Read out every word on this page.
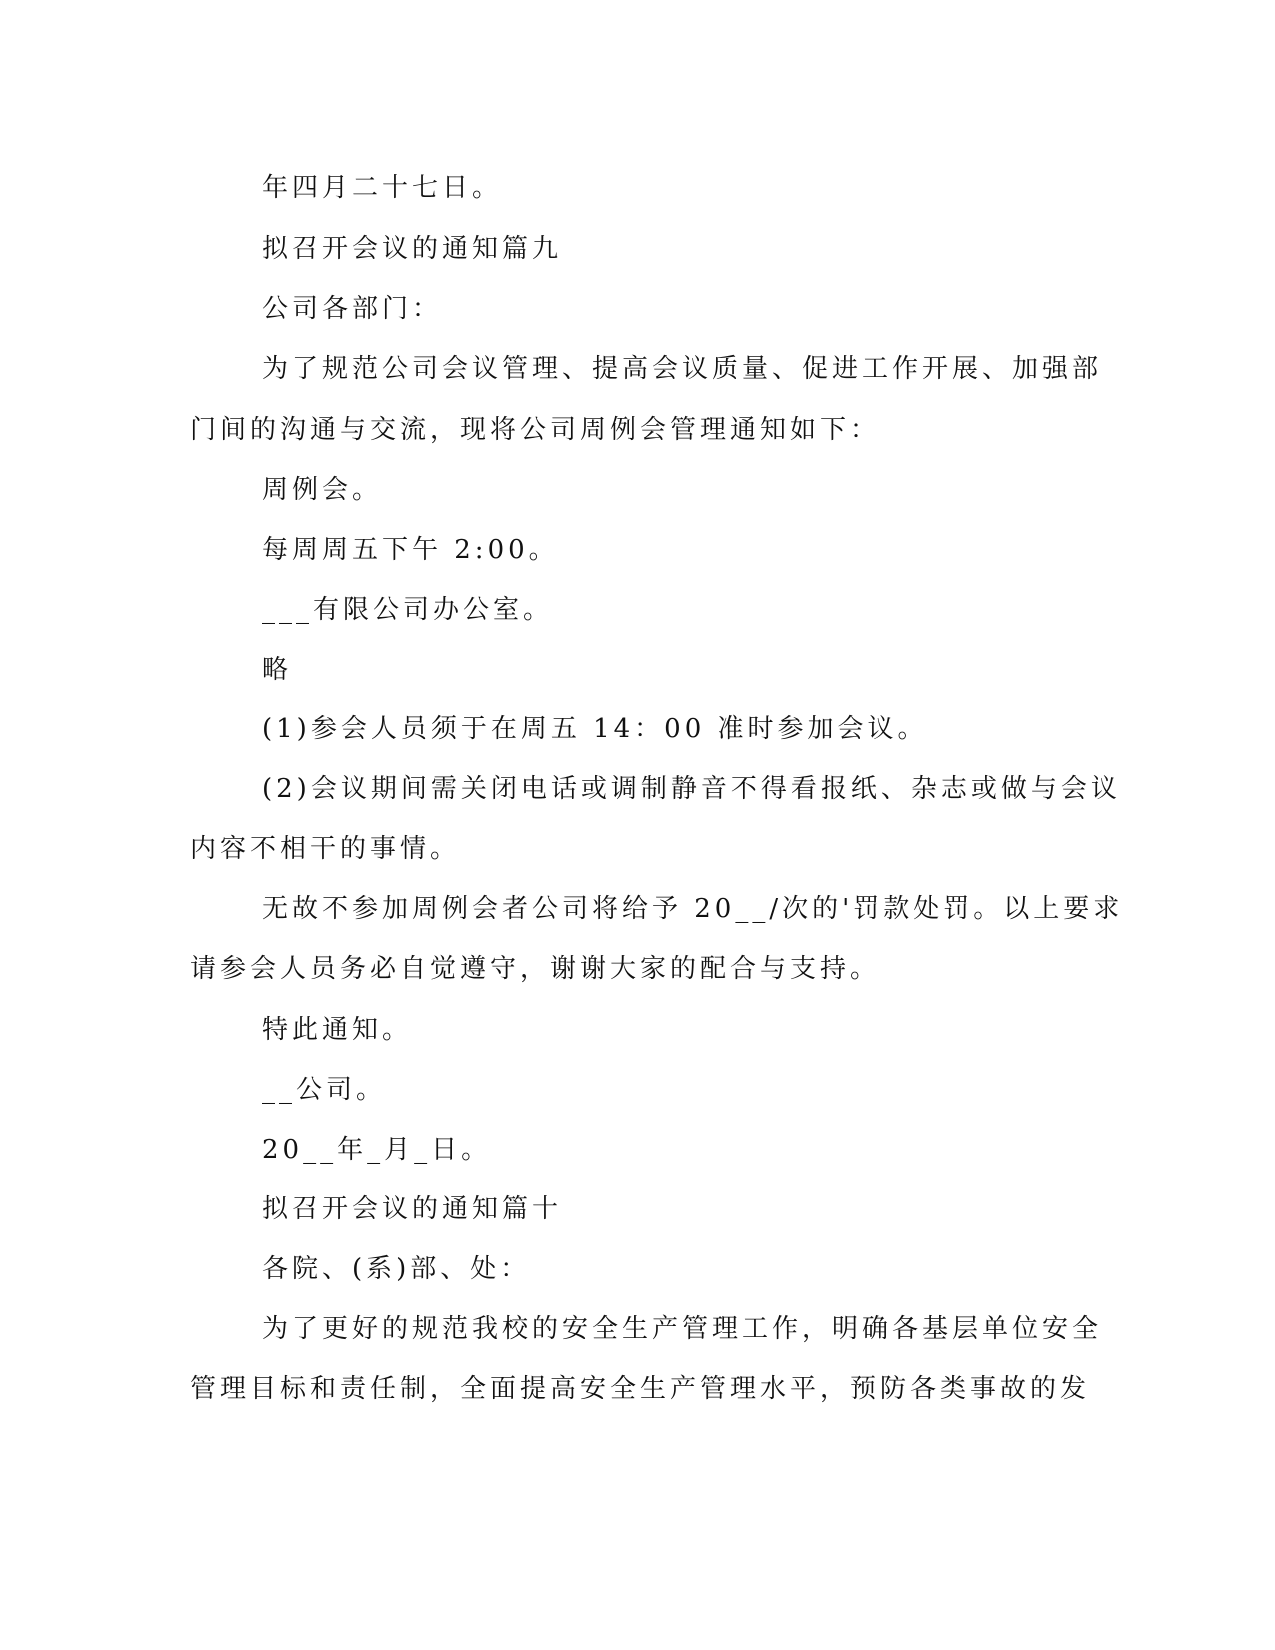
年四月二十七日。
拟召开会议的通知篇九
公司各部门：
为了规范公司会议管理、提高会议质量、促进工作开展、加强部
门间的沟通与交流，现将公司周例会管理通知如下：
周例会。
每周周五下午 2:00。
___有限公司办公室。
略
(1)参会人员须于在周五 14：00 准时参加会议。
(2)会议期间需关闭电话或调制静音不得看报纸、杂志或做与会议
内容不相干的事情。
无故不参加周例会者公司将给予 20__/次的'罚款处罚。以上要求
请参会人员务必自觉遵守，谢谢大家的配合与支持。
特此通知。
__公司。
20__年_月_日。
拟召开会议的通知篇十
各院、(系)部、处：
为了更好的规范我校的安全生产管理工作，明确各基层单位安全
管理目标和责任制，全面提高安全生产管理水平，预防各类事故的发
